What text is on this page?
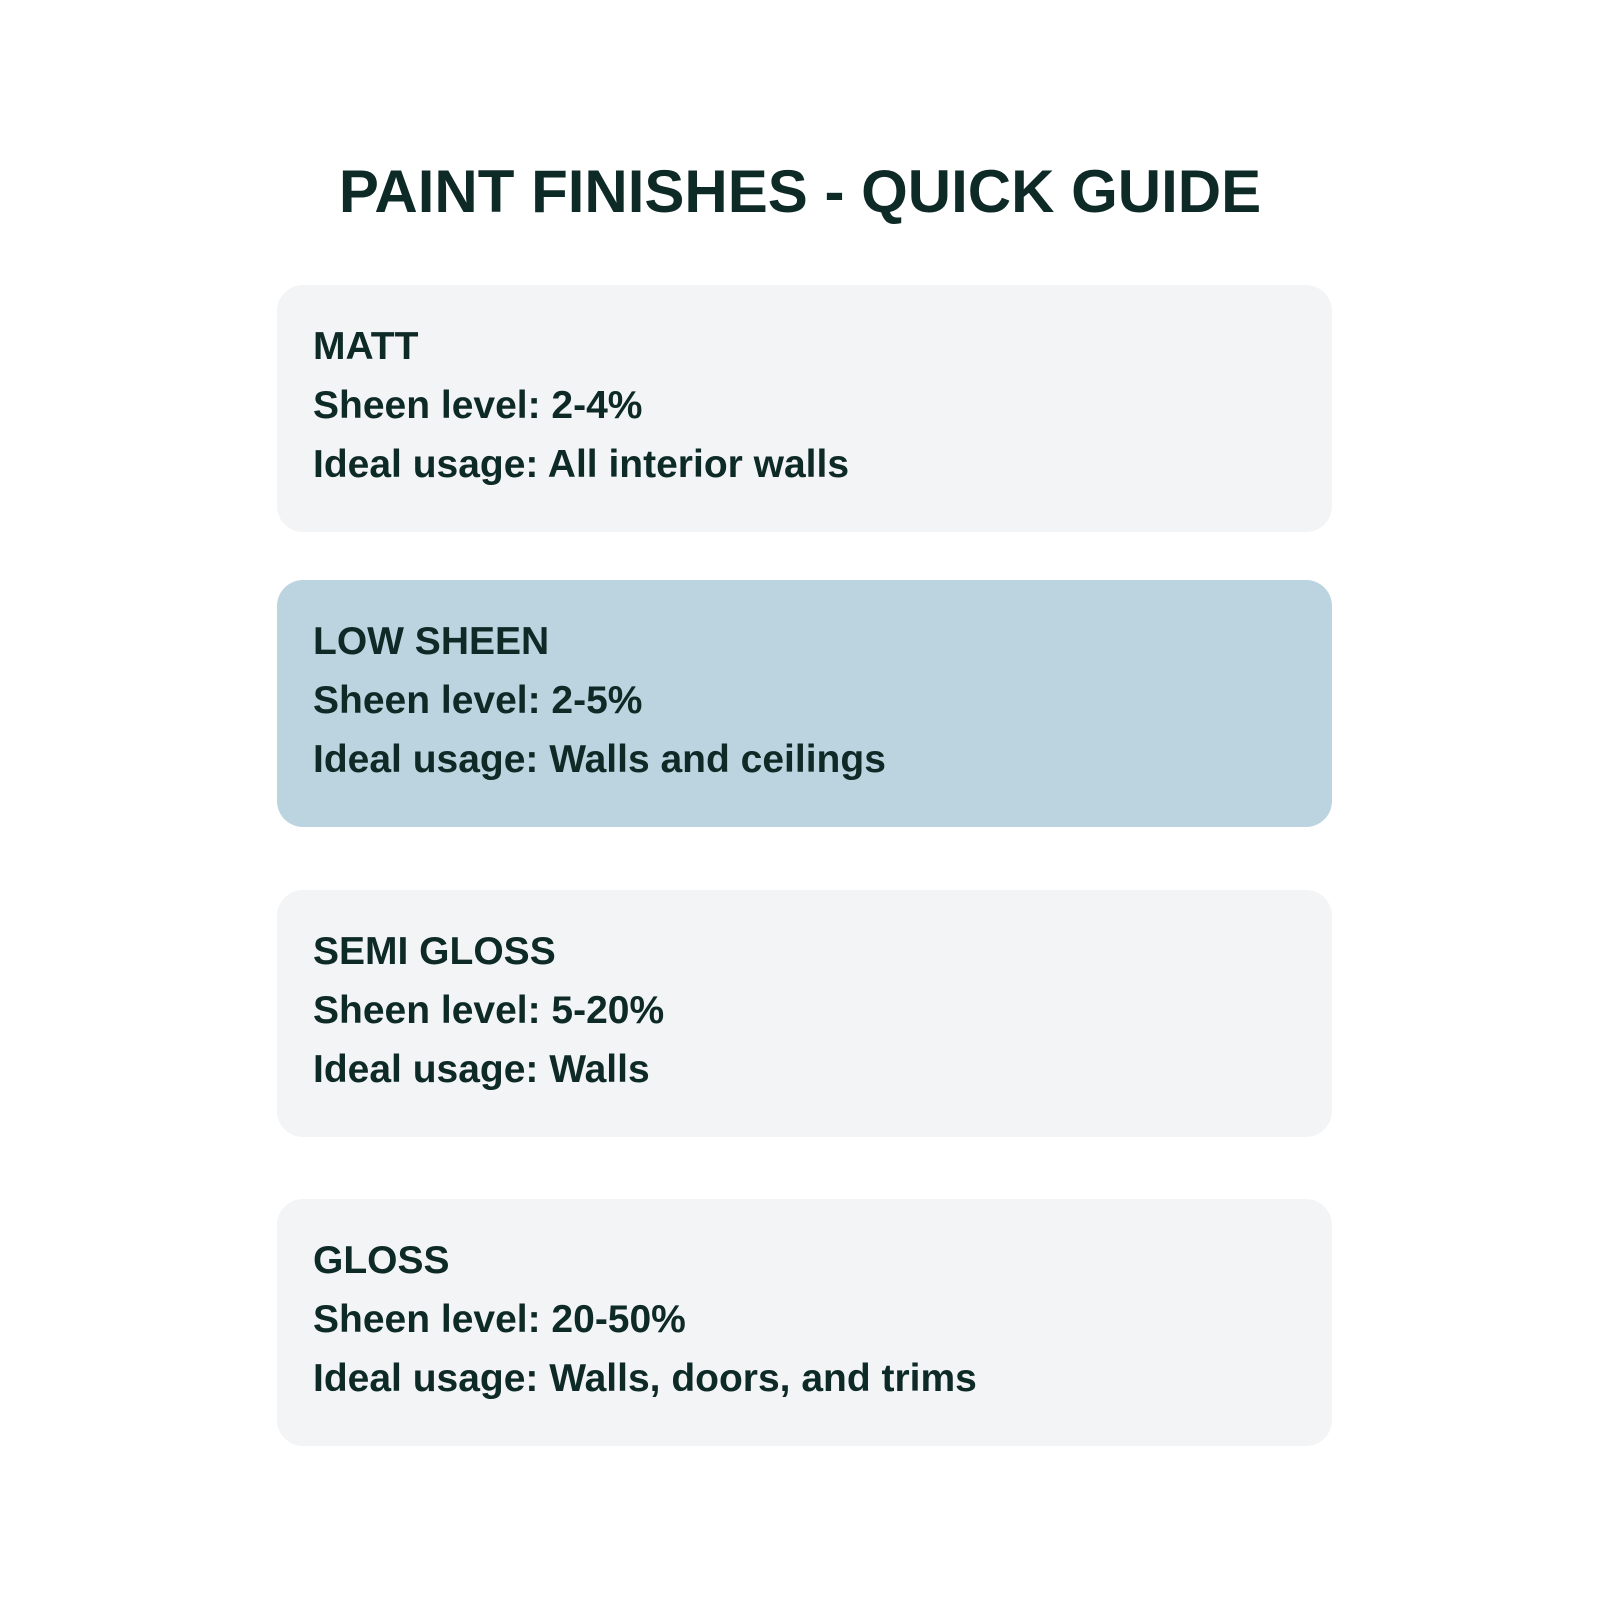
PAINT FINISHES - QUICK GUIDE
MATT
Sheen level: 2-4%
Ideal usage: All interior walls
LOW SHEEN
Sheen level: 2-5%
Ideal usage: Walls and ceilings
SEMI GLOSS
Sheen level: 5-20%
Ideal usage: Walls
GLOSS
Sheen level: 20-50%
Ideal usage: Walls, doors, and trims
